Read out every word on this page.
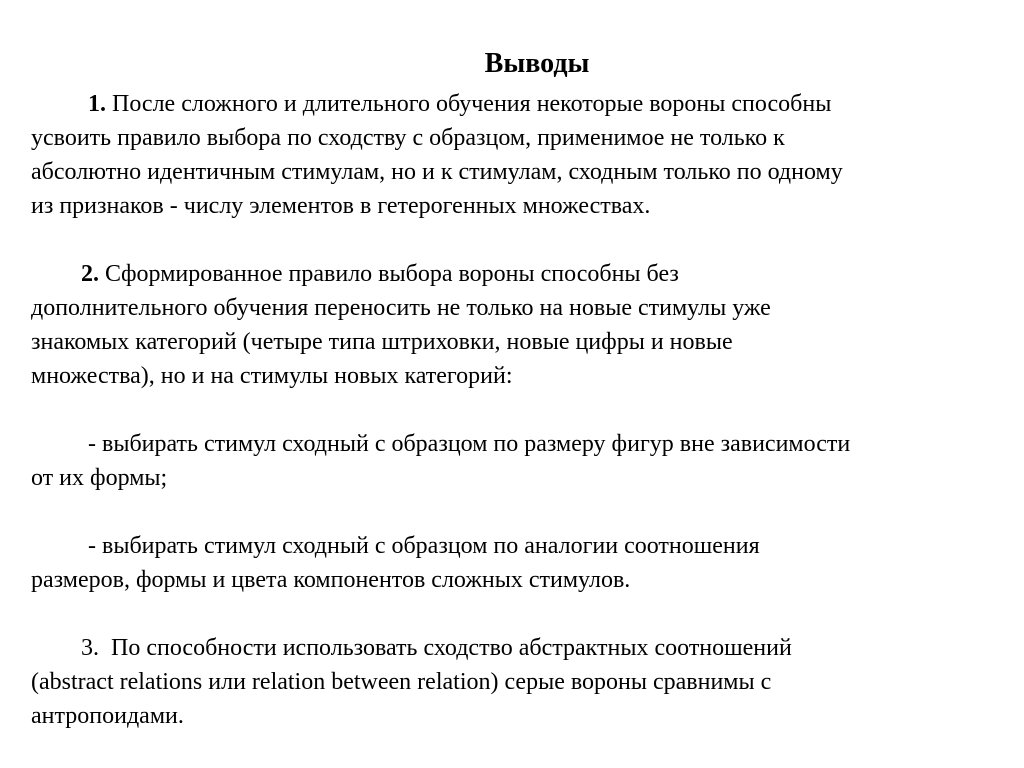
Выводы
1. После сложного и длительного обучения некоторые вороны способны
усвоить правило выбора по сходству с образцом, применимое не только к
абсолютно идентичным стимулам, но и к стимулам, сходным только по одному
из признаков - числу элементов в гетерогенных множествах.
2. Сформированное правило выбора вороны способны без
дополнительного обучения переносить не только на новые стимулы уже
знакомых категорий (четыре типа штриховки, новые цифры и новые
множества), но и на стимулы новых категорий:
- выбирать стимул сходный с образцом по размеру фигур вне зависимости
от их формы;
- выбирать стимул сходный с образцом по аналогии соотношения
размеров, формы и цвета компонентов сложных стимулов.
3. По способности использовать сходство абстрактных соотношений
(abstract relations или relation between relation) серые вороны сравнимы с
антропоидами.
